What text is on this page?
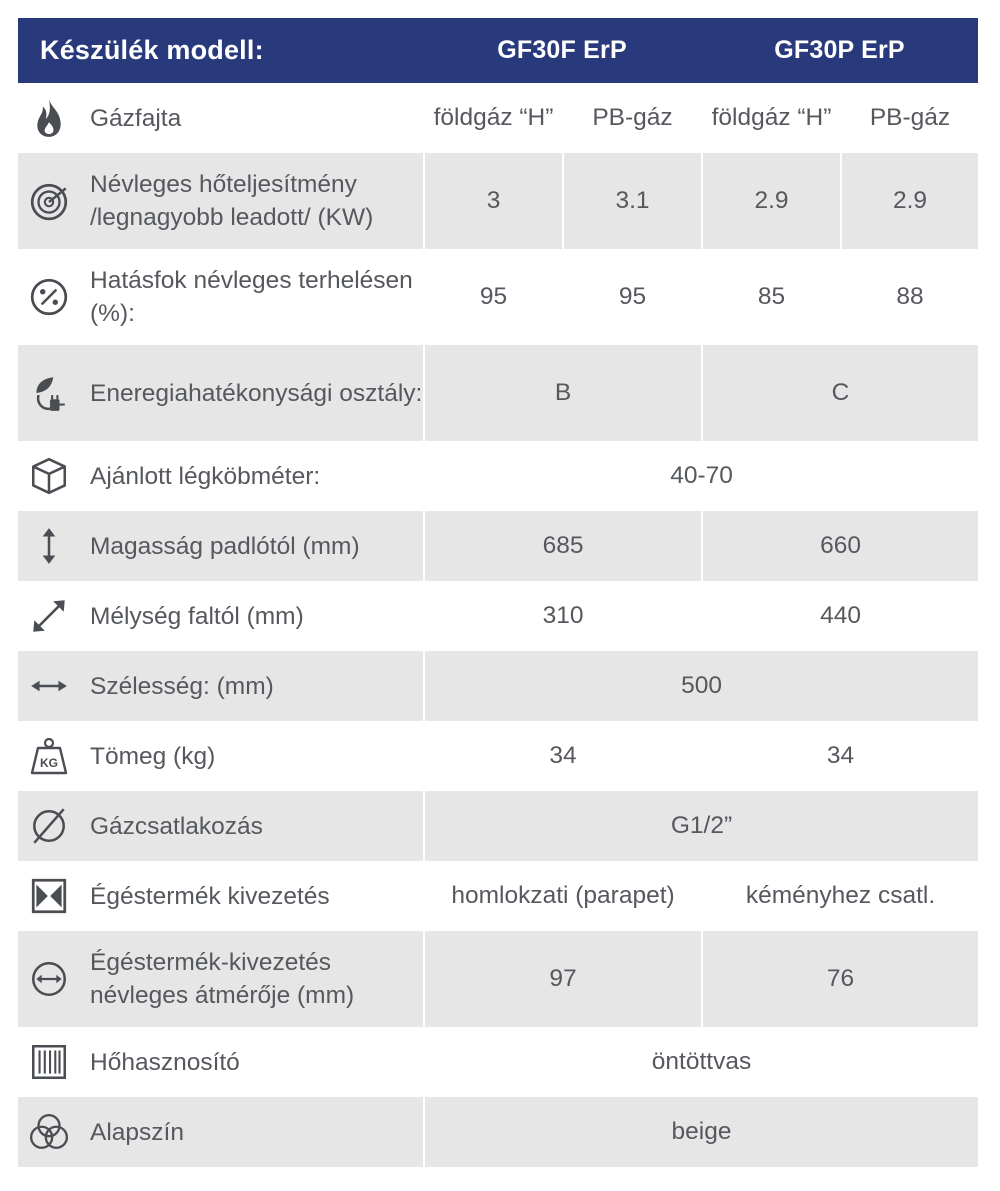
Készülék modell:		GF30F ErP		GF30P ErP	

	Gázfajta	földgáz “H”	PB-gáz	földgáz “H”	PB-gáz

	Névleges hőteljesítmény /legnagyobb leadott/ (KW)	3	3.1	2.9	2.9

	Hatásfok névleges terhelésen (%):	95	95	85	88

	Eneregiahatékonysági osztály:	B		C	

	Ajánlott légköbméter:	40-70			

	Magasság padlótól (mm)	685		660	

	Mélység faltól (mm)	310		440	

	Szélesség: (mm)	500			

KG	Tömeg (kg)	34		34	

	Gázcsatlakozás	G1/2”			

	Égéstermék kivezetés	homlokzati (parapet)		kéményhez csatl.	

	Égéstermék-kivezetés névleges átmérője (mm)	97		76	

	Hőhasznosító	öntöttvas			

	Alapszín	beige			
